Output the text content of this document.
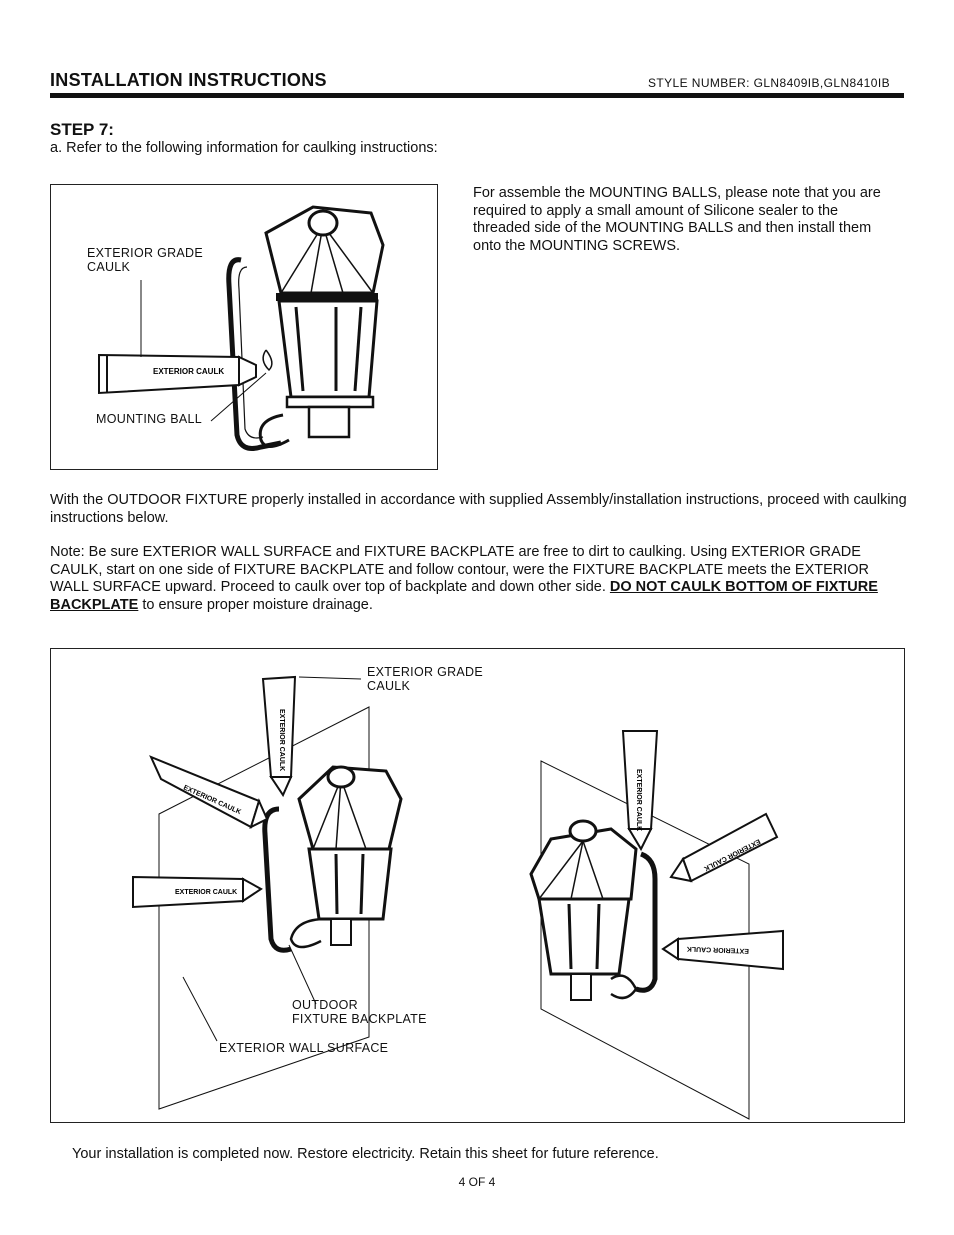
INSTALLATION INSTRUCTIONS	STYLE NUMBER: GLN8409IB,GLN8410IB
STEP 7:
a. Refer to the following information for caulking instructions:
EXTERIOR CAULK
EXTERIOR GRADE
CAULK
MOUNTING BALL
For assemble the MOUNTING BALLS, please note that you are required to apply a small amount of Silicone sealer to the threaded side of the MOUNTING BALLS and then install them onto the MOUNTING SCREWS.
With the OUTDOOR FIXTURE properly installed in accordance with supplied Assembly/installation instructions, proceed with caulking instructions below.
Note: Be sure EXTERIOR WALL SURFACE and FIXTURE BACKPLATE are free to dirt to caulking. Using EXTERIOR GRADE CAULK, start on one side of FIXTURE BACKPLATE and follow contour, were the FIXTURE BACKPLATE meets the EXTERIOR WALL SURFACE upward. Proceed to caulk over top of backplate and down other side. DO NOT CAULK BOTTOM OF FIXTURE BACKPLATE to ensure proper moisture drainage.
EXTERIOR CAULK
EXTERIOR CAULK
EXTERIOR CAULK
EXTERIOR CAULK
EXTERIOR CAULK
EXTERIOR CAULK
EXTERIOR GRADE
CAULK
OUTDOOR
FIXTURE BACKPLATE
EXTERIOR WALL SURFACE
Your installation is completed now. Restore electricity. Retain this sheet for future reference.
4 OF 4
